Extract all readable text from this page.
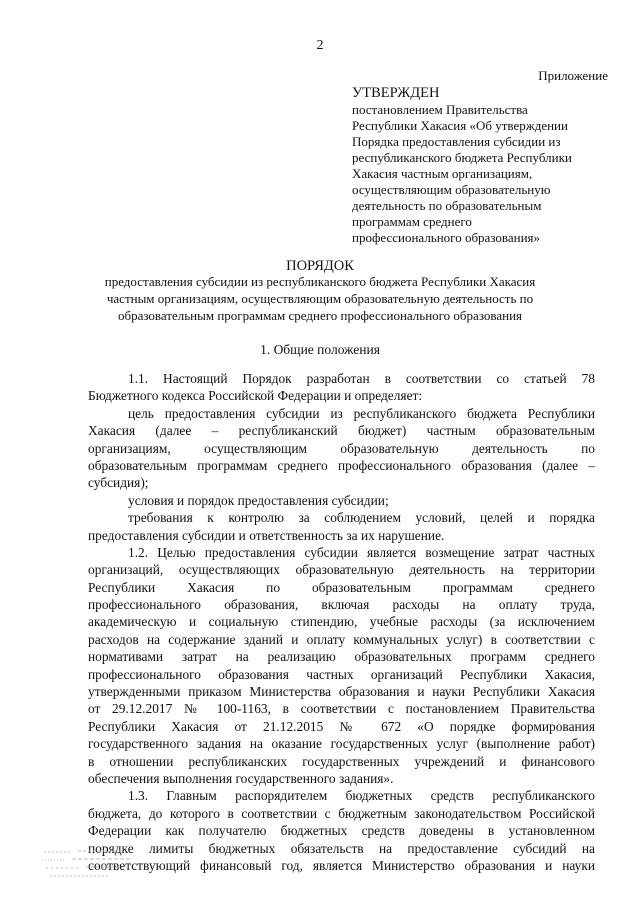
2
Приложение
УТВЕРЖДЕН
постановлением Правительства
Республики Хакасия «Об утверждении
Порядка предоставления субсидии из
республиканского бюджета Республики
Хакасия частным организациям,
осуществляющим образовательную
деятельность по образовательным
программам среднего
профессионального образования»
ПОРЯДОК
предоставления субсидии из республиканского бюджета Республики Хакасия
частным организациям, осуществляющим образовательную деятельность по
образовательным программам среднего профессионального образования
1. Общие положения
1.1. Настоящий Порядок разработан в соответствии со статьей 78
Бюджетного кодекса Российской Федерации и определяет:
цель предоставления субсидии из республиканского бюджета Республики
Хакасия (далее – республиканский бюджет) частным образовательным
организациям, осуществляющим образовательную деятельность по
образовательным программам среднего профессионального образования (далее –
субсидия);
условия и порядок предоставления субсидии;
требования к контролю за соблюдением условий, целей и порядка
предоставления субсидии и ответственность за их нарушение.
1.2. Целью предоставления субсидии является возмещение затрат частных
организаций, осуществляющих образовательную деятельность на территории
Республики Хакасия по образовательным программам среднего
профессионального образования, включая расходы на оплату труда,
академическую и социальную стипендию, учебные расходы (за исключением
расходов на содержание зданий и оплату коммунальных услуг) в соответствии с
нормативами затрат на реализацию образовательных программ среднего
профессионального образования частных организаций Республики Хакасия,
утвержденными приказом Министерства образования и науки Республики Хакасия
от 29.12.2017 № 100-1163, в соответствии с постановлением Правительства
Республики Хакасия от 21.12.2015 № 672 «О порядке формирования
государственного задания на оказание государственных услуг (выполнение работ)
в отношении республиканских государственных учреждений и финансового
обеспечения выполнения государственного задания».
1.3. Главным распорядителем бюджетных средств республиканского
бюджета, до которого в соответствии с бюджетным законодательством Российской
Федерации как получателю бюджетных средств доведены в установленном
порядке лимиты бюджетных обязательств на предоставление субсидий на
соответствующий финансовый год, является Министерство образования и науки
